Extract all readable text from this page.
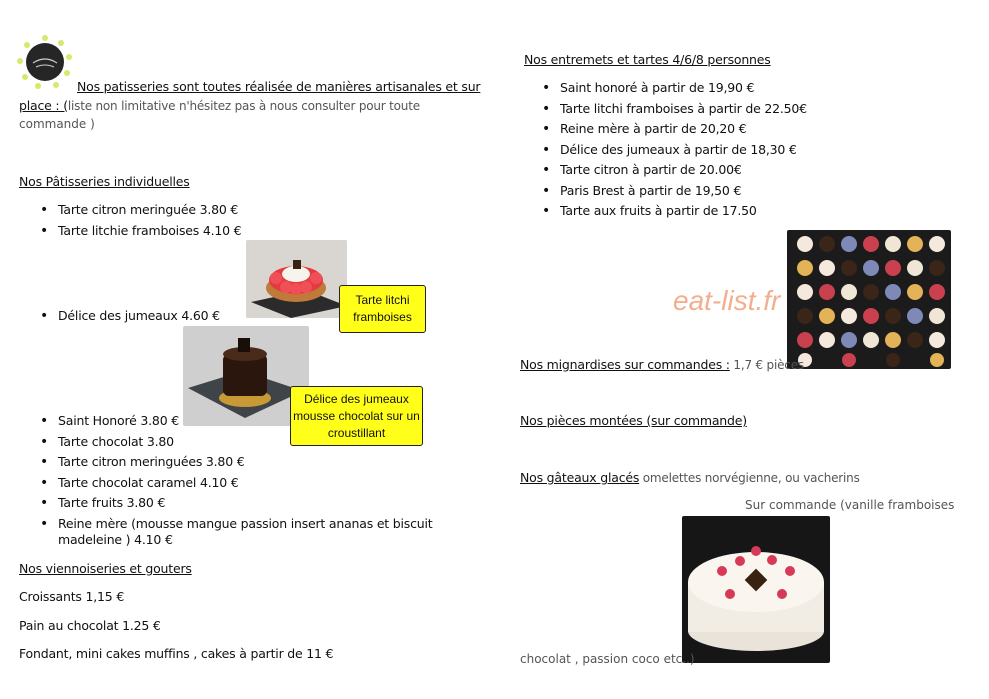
Nos patisseries sont toutes réalisée de manières artisanales et sur
place : (liste non limitative n'hésitez pas à nous consulter pour toute
commande )
Nos Pâtisseries individuelles
• Tarte citron meringuée 3.80 €
• Tarte litchie framboises 4.10 €
Tarte litchi framboises
• Délice des jumeaux 4.60 €
Délice des jumeaux mousse chocolat sur un croustillant
• Saint Honoré 3.80 €
• Tarte chocolat 3.80
• Tarte citron meringuées 3.80 €
• Tarte chocolat caramel 4.10 €
• Tarte fruits 3.80 €
• Reine mère (mousse mangue passion insert ananas et biscuit
madeleine ) 4.10 €
Nos viennoiseries et gouters
Croissants 1,15 €
Pain au chocolat 1.25 €
Fondant, mini cakes muffins , cakes à partir de 11 €
Nos entremets et tartes 4/6/8 personnes
• Saint honoré à partir de 19,90 €
• Tarte litchi framboises à partir de 22.50€
• Reine mère à partir de 20,20 €
• Délice des jumeaux à partir de 18,30 €
• Tarte citron à partir de 20.00€
• Paris Brest à partir de 19,50 €
• Tarte aux fruits à partir de 17.50
eat-list.fr
Nos mignardises sur commandes : 1,7 € pièces
Nos pièces montées (sur commande)
Nos gâteaux glacés omelettes norvégienne, ou vacherins
Sur commande (vanille framboises
chocolat , passion coco etc..)
